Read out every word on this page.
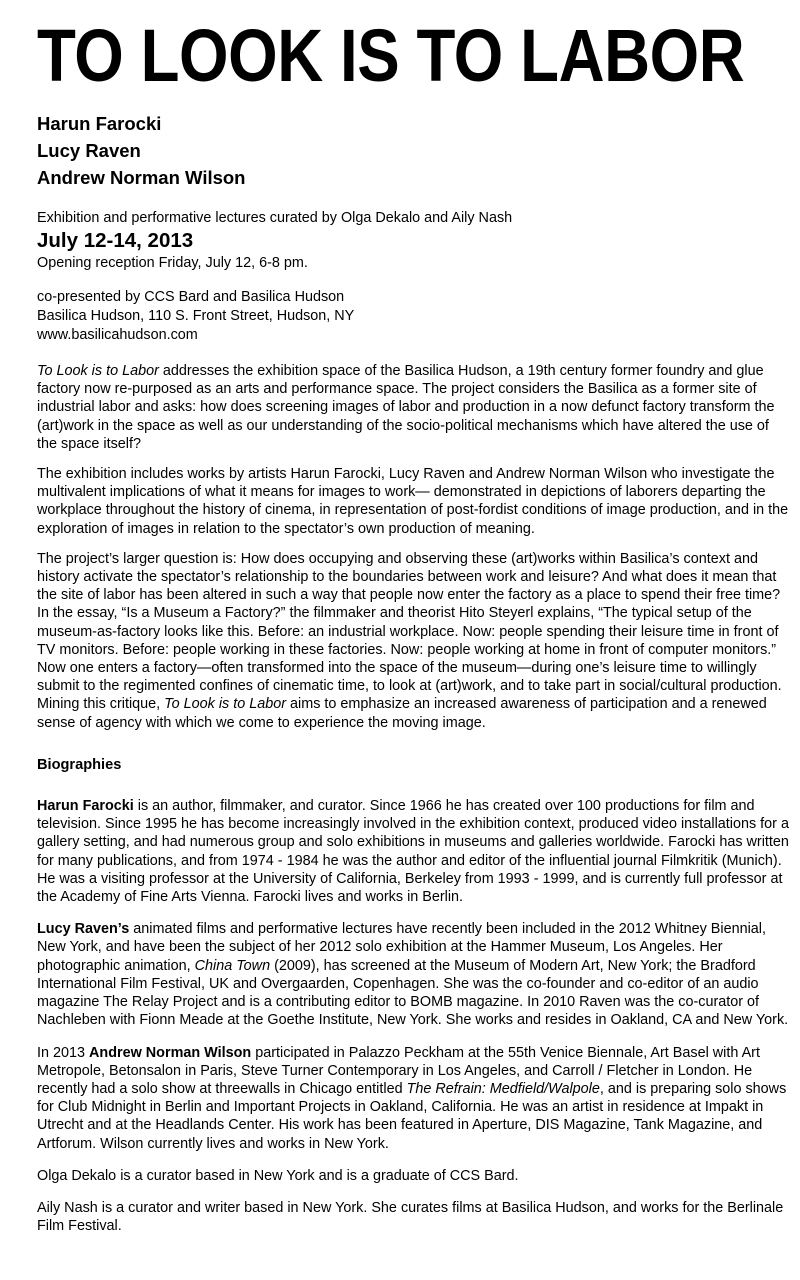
TO LOOK IS TO LABOR
Harun Farocki
Lucy Raven
Andrew Norman Wilson
Exhibition and performative lectures curated by Olga Dekalo and Aily Nash
July 12-14, 2013
Opening reception Friday, July 12, 6-8 pm.
co-presented by CCS Bard and Basilica Hudson
Basilica Hudson, 110 S. Front Street, Hudson, NY
www.basilicahudson.com

To Look is to Labor addresses the exhibition space of the Basilica Hudson, a 19th century former foundry and glue factory now re-purposed as an arts and performance space. The project considers the Basilica as a former site of industrial labor and asks: how does screening images of labor and production in a now defunct factory transform the (art)work in the space as well as our understanding of the socio-political mechanisms which have altered the use of the space itself?

The exhibition includes works by artists Harun Farocki, Lucy Raven and Andrew Norman Wilson who investigate the multivalent implications of what it means for images to work— demonstrated in depictions of laborers departing the workplace throughout the history of cinema, in representation of post-fordist conditions of image production, and in the exploration of images in relation to the spectator’s own production of meaning.

The project’s larger question is: How does occupying and observing these (art)works within Basilica’s context and history activate the spectator’s relationship to the boundaries between work and leisure? And what does it mean that the site of labor has been altered in such a way that people now enter the factory as a place to spend their free time? In the essay, “Is a Museum a Factory?” the filmmaker and theorist Hito Steyerl explains, “The typical setup of the museum-as-factory looks like this. Before: an industrial workplace. Now: people spending their leisure time in front of TV monitors. Before: people working in these factories. Now: people working at home in front of computer monitors.” Now one enters a factory—often transformed into the space of the museum—during one’s leisure time to willingly submit to the regimented confines of cinematic time, to look at (art)work, and to take part in social/cultural production. Mining this critique, To Look is to Labor aims to emphasize an increased awareness of participation and a renewed sense of agency with which we come to experience the moving image.

Biographies

Harun Farocki is an author, filmmaker, and curator. Since 1966 he has created over 100 productions for film and television. Since 1995 he has become increasingly involved in the exhibition context, produced video installations for a gallery setting, and had numerous group and solo exhibitions in museums and galleries worldwide. Farocki has written for many publications, and from 1974 - 1984 he was the author and editor of the influential journal Filmkritik (Munich). He was a visiting professor at the University of California, Berkeley from 1993 - 1999, and is currently full professor at the Academy of Fine Arts Vienna. Farocki lives and works in Berlin.

Lucy Raven’s animated films and performative lectures have recently been included in the 2012 Whitney Biennial, New York, and have been the subject of her 2012 solo exhibition at the Hammer Museum, Los Angeles. Her photographic animation, China Town (2009), has screened at the Museum of Modern Art, New York; the Bradford International Film Festival, UK and Overgaarden, Copenhagen. She was the co-founder and co-editor of an audio magazine The Relay Project and is a contributing editor to BOMB magazine. In 2010 Raven was the co-curator of Nachleben with Fionn Meade at the Goethe Institute, New York. She works and resides in Oakland, CA and New York.

In 2013 Andrew Norman Wilson participated in Palazzo Peckham at the 55th Venice Biennale, Art Basel with Art Metropole, Betonsalon in Paris, Steve Turner Contemporary in Los Angeles, and Carroll / Fletcher in London. He recently had a solo show at threewalls in Chicago entitled The Refrain: Medfield/Walpole, and is preparing solo shows for Club Midnight in Berlin and Important Projects in Oakland, California. He was an artist in residence at Impakt in Utrecht and at the Headlands Center. His work has been featured in Aperture, DIS Magazine, Tank Magazine, and Artforum. Wilson currently lives and works in New York.

Olga Dekalo is a curator based in New York and is a graduate of CCS Bard.

Aily Nash is a curator and writer based in New York. She curates films at Basilica Hudson, and works for the Berlinale Film Festival.
